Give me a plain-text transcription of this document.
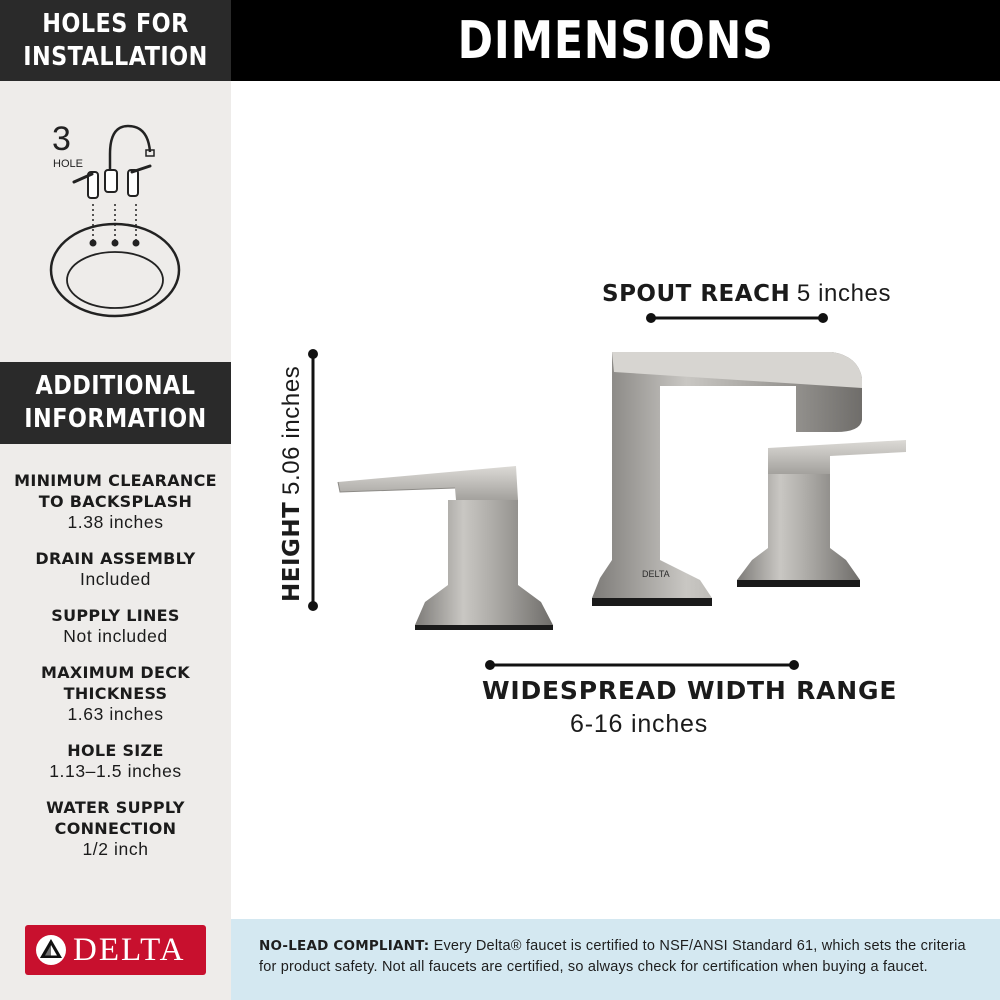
HOLES FOR
INSTALLATION
3
HOLE
ADDITIONAL
INFORMATION
MINIMUM CLEARANCE
TO BACKSPLASH
1.38 inches
DRAIN ASSEMBLY
Included
SUPPLY LINES
Not included
MAXIMUM DECK
THICKNESS
1.63 inches
HOLE SIZE
1.13–1.5 inches
WATER SUPPLY
CONNECTION
1/2 inch
DELTA
DIMENSIONS
DELTA
SPOUT REACH 5 inches
HEIGHT 5.06 inches
WIDESPREAD WIDTH RANGE
6-16 inches
NO-LEAD COMPLIANT: Every Delta® faucet is certified to NSF/ANSI Standard 61, which sets the criteria for product safety. Not all faucets are certified, so always check for certification when buying a faucet.
